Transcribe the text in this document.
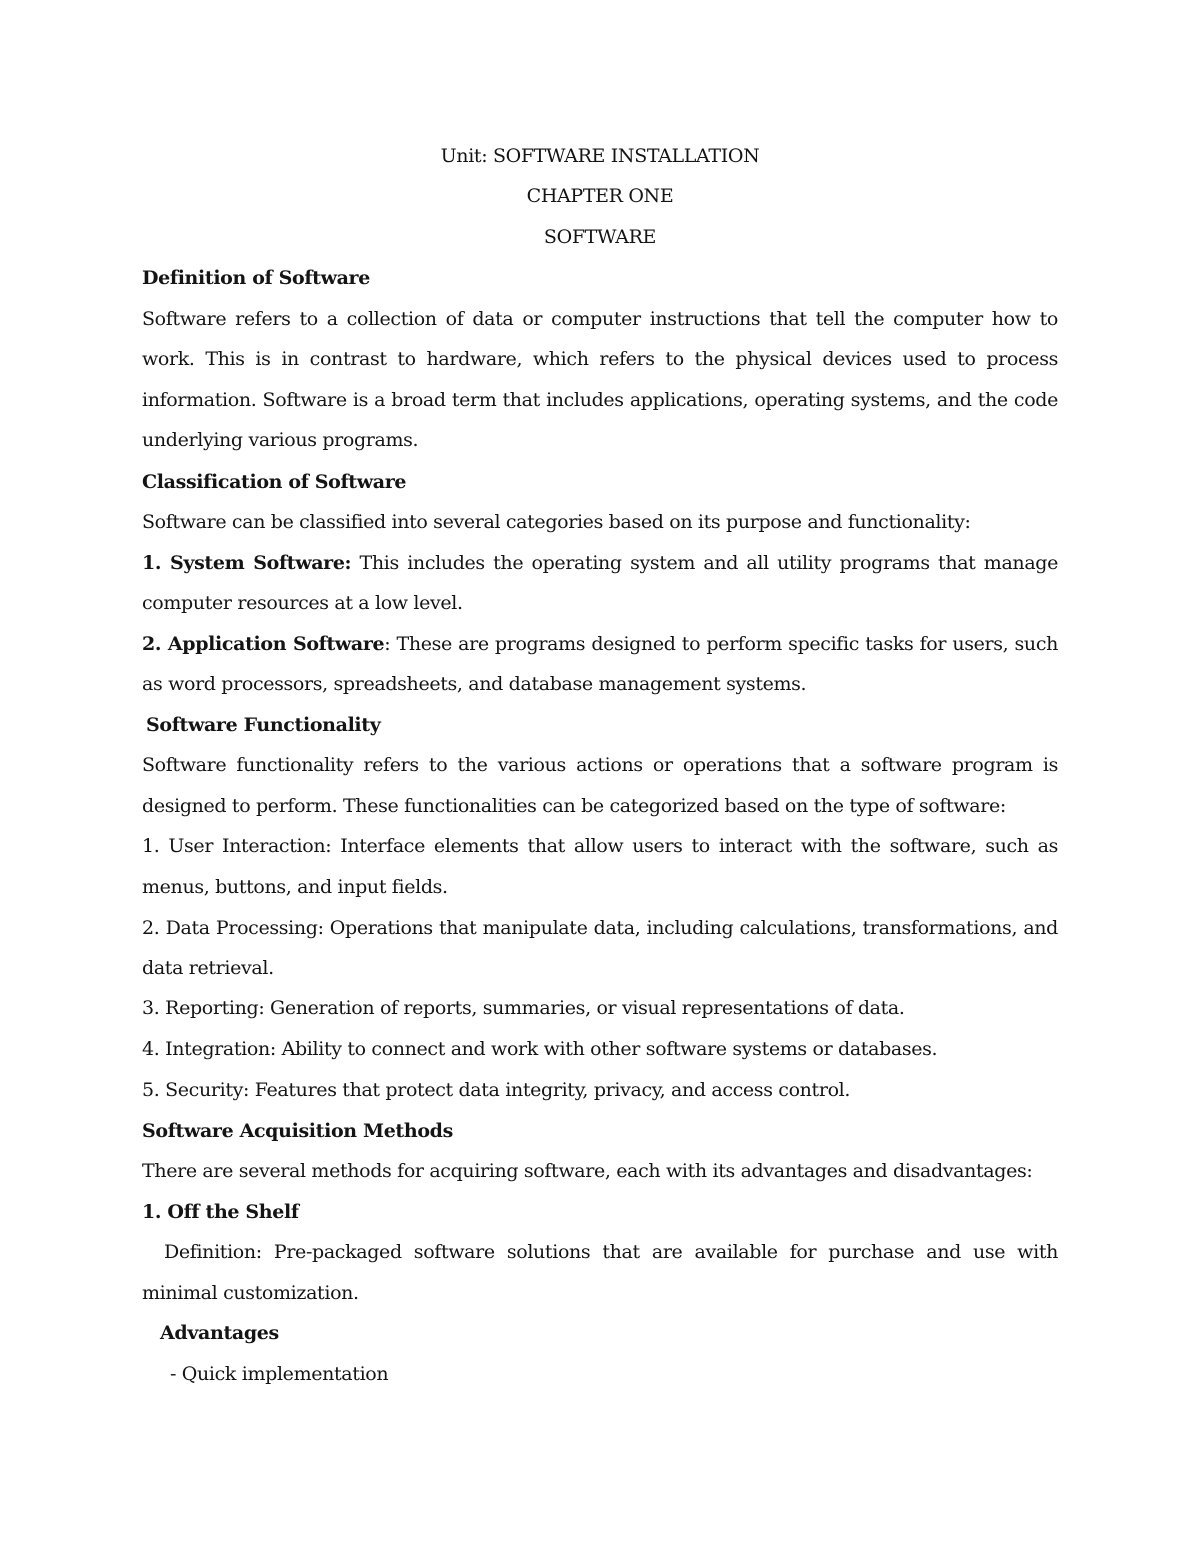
Unit: SOFTWARE INSTALLATION

CHAPTER ONE

SOFTWARE

Definition of Software

Software refers to a collection of data or computer instructions that tell the computer how to

work. This is in contrast to hardware, which refers to the physical devices used to process

information. Software is a broad term that includes applications, operating systems, and the code

underlying various programs.

Classification of Software

Software can be classified into several categories based on its purpose and functionality:

1. System Software: This includes the operating system and all utility programs that manage

computer resources at a low level.

2. Application Software: These are programs designed to perform specific tasks for users, such

as word processors, spreadsheets, and database management systems.

Software Functionality

Software functionality refers to the various actions or operations that a software program is

designed to perform. These functionalities can be categorized based on the type of software:

1. User Interaction: Interface elements that allow users to interact with the software, such as

menus, buttons, and input fields.

2. Data Processing: Operations that manipulate data, including calculations, transformations, and

data retrieval.

3. Reporting: Generation of reports, summaries, or visual representations of data.

4. Integration: Ability to connect and work with other software systems or databases.

5. Security: Features that protect data integrity, privacy, and access control.

Software Acquisition Methods

There are several methods for acquiring software, each with its advantages and disadvantages:

1. Off the Shelf

Definition: Pre-packaged software solutions that are available for purchase and use with

minimal customization.

Advantages

- Quick implementation
